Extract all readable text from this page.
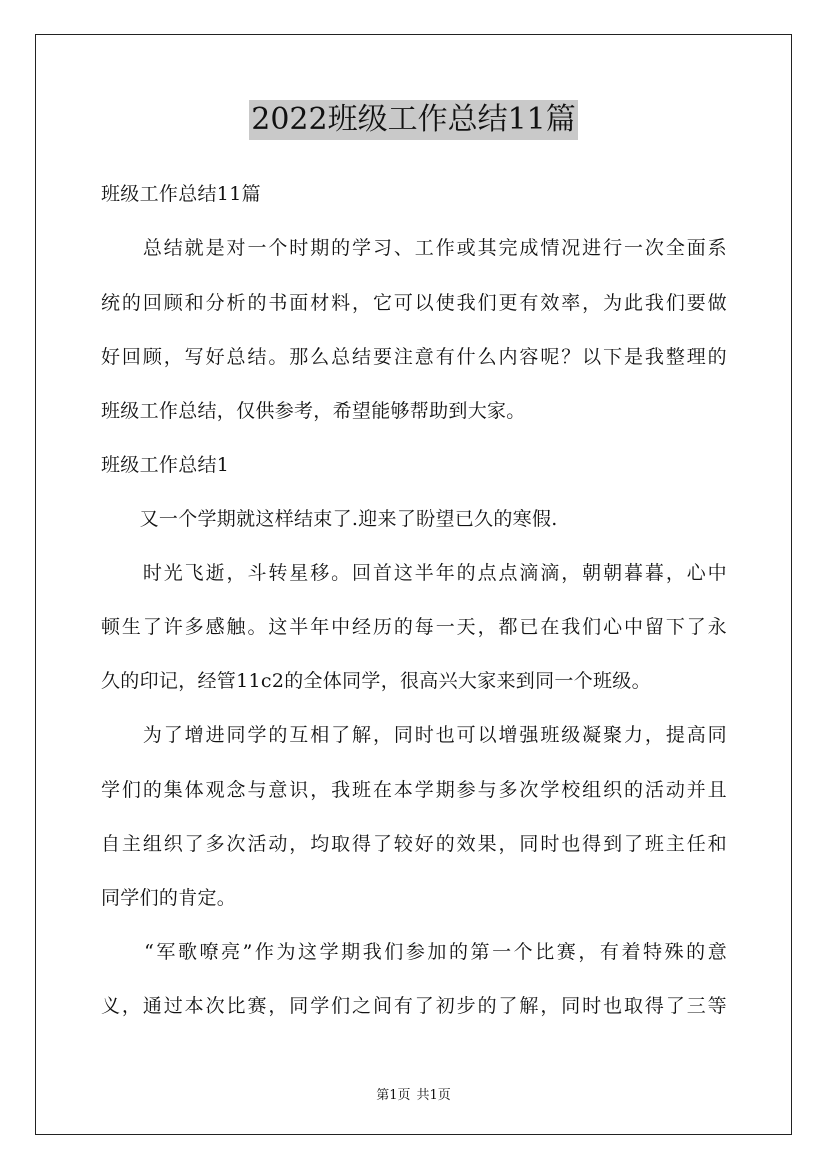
2022班级工作总结11篇
班级工作总结11篇
　　总结就是对一个时期的学习、工作或其完成情况进行一次全面系
统的回顾和分析的书面材料，它可以使我们更有效率，为此我们要做
好回顾，写好总结。那么总结要注意有什么内容呢？以下是我整理的
班级工作总结，仅供参考，希望能够帮助到大家。
班级工作总结1
　　又一个学期就这样结束了.迎来了盼望已久的寒假.
　　时光飞逝，斗转星移。回首这半年的点点滴滴，朝朝暮暮，心中
顿生了许多感触。这半年中经历的每一天，都已在我们心中留下了永
久的印记，经管11c2的全体同学，很高兴大家来到同一个班级。
　　为了增进同学的互相了解，同时也可以增强班级凝聚力，提高同
学们的集体观念与意识，我班在本学期参与多次学校组织的活动并且
自主组织了多次活动，均取得了较好的效果，同时也得到了班主任和
同学们的肯定。
　　“军歌嘹亮”作为这学期我们参加的第一个比赛，有着特殊的意
义，通过本次比赛，同学们之间有了初步的了解，同时也取得了三等
第1页 共1页
